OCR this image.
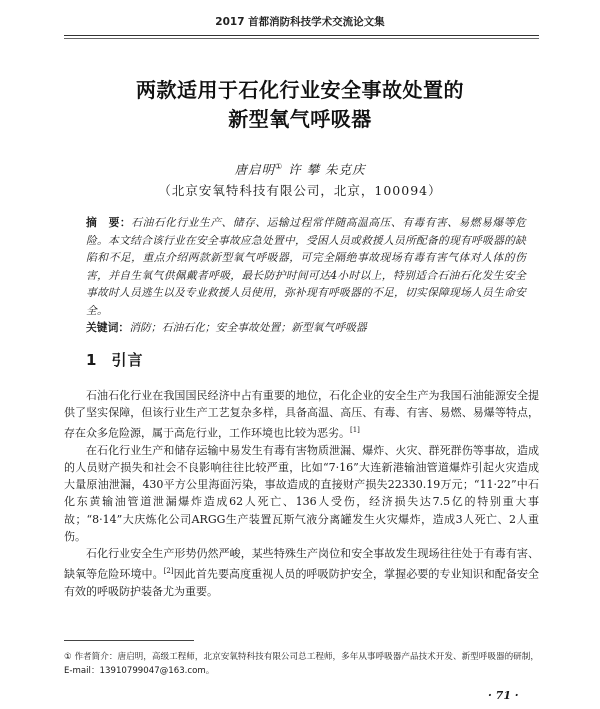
2017 首都消防科技学术交流论文集
两款适用于石化行业安全事故处置的
新型氧气呼吸器
唐启明① 许 攀 朱克庆
（北京安氧特科技有限公司，北京，100094）
摘　要：石油石化行业生产、储存、运输过程常伴随高温高压、有毒有害、易燃易爆等危险。本文结合该行业在安全事故应急处置中，受困人员或救援人员所配备的现有呼吸器的缺陷和不足，重点介绍两款新型氧气呼吸器，可完全隔绝事故现场有毒有害气体对人体的伤害，并自生氧气供佩戴者呼吸，最长防护时间可达4小时以上，特别适合石油石化发生安全事故时人员逃生以及专业救援人员使用，弥补现有呼吸器的不足，切实保障现场人员生命安全。
关键词：消防；石油石化；安全事故处置；新型氧气呼吸器
1 引言

石油石化行业在我国国民经济中占有重要的地位，石化企业的安全生产为我国石油能源安全提供了坚实保障，但该行业生产工艺复杂多样，具备高温、高压、有毒、有害、易燃、易爆等特点，存在众多危险源，属于高危行业，工作环境也比较为恶劣。[1]

在石化行业生产和储存运输中易发生有毒有害物质泄漏、爆炸、火灾、群死群伤等事故，造成的人员财产损失和社会不良影响往往比较严重，比如“7·16”大连新港输油管道爆炸引起火灾造成大量原油泄漏，430平方公里海面污染，事故造成的直接财产损失22330.19万元；“11·22”中石化东黄输油管道泄漏爆炸造成62人死亡、136人受伤，经济损失达7.5亿的特别重大事故；“8·14”大庆炼化公司ARGG生产装置瓦斯气液分离罐发生火灾爆炸，造成3人死亡、2人重伤。

石化行业安全生产形势仍然严峻，某些特殊生产岗位和安全事故发生现场往往处于有毒有害、缺氧等危险环境中。[2]因此首先要高度重视人员的呼吸防护安全，掌握必要的专业知识和配备安全有效的呼吸防护装备尤为重要。

① 作者简介：唐启明，高级工程师，北京安氧特科技有限公司总工程师，多年从事呼吸器产品技术开发、新型呼吸器的研制，E-mail：13910799047@163.com。
· 71 ·
